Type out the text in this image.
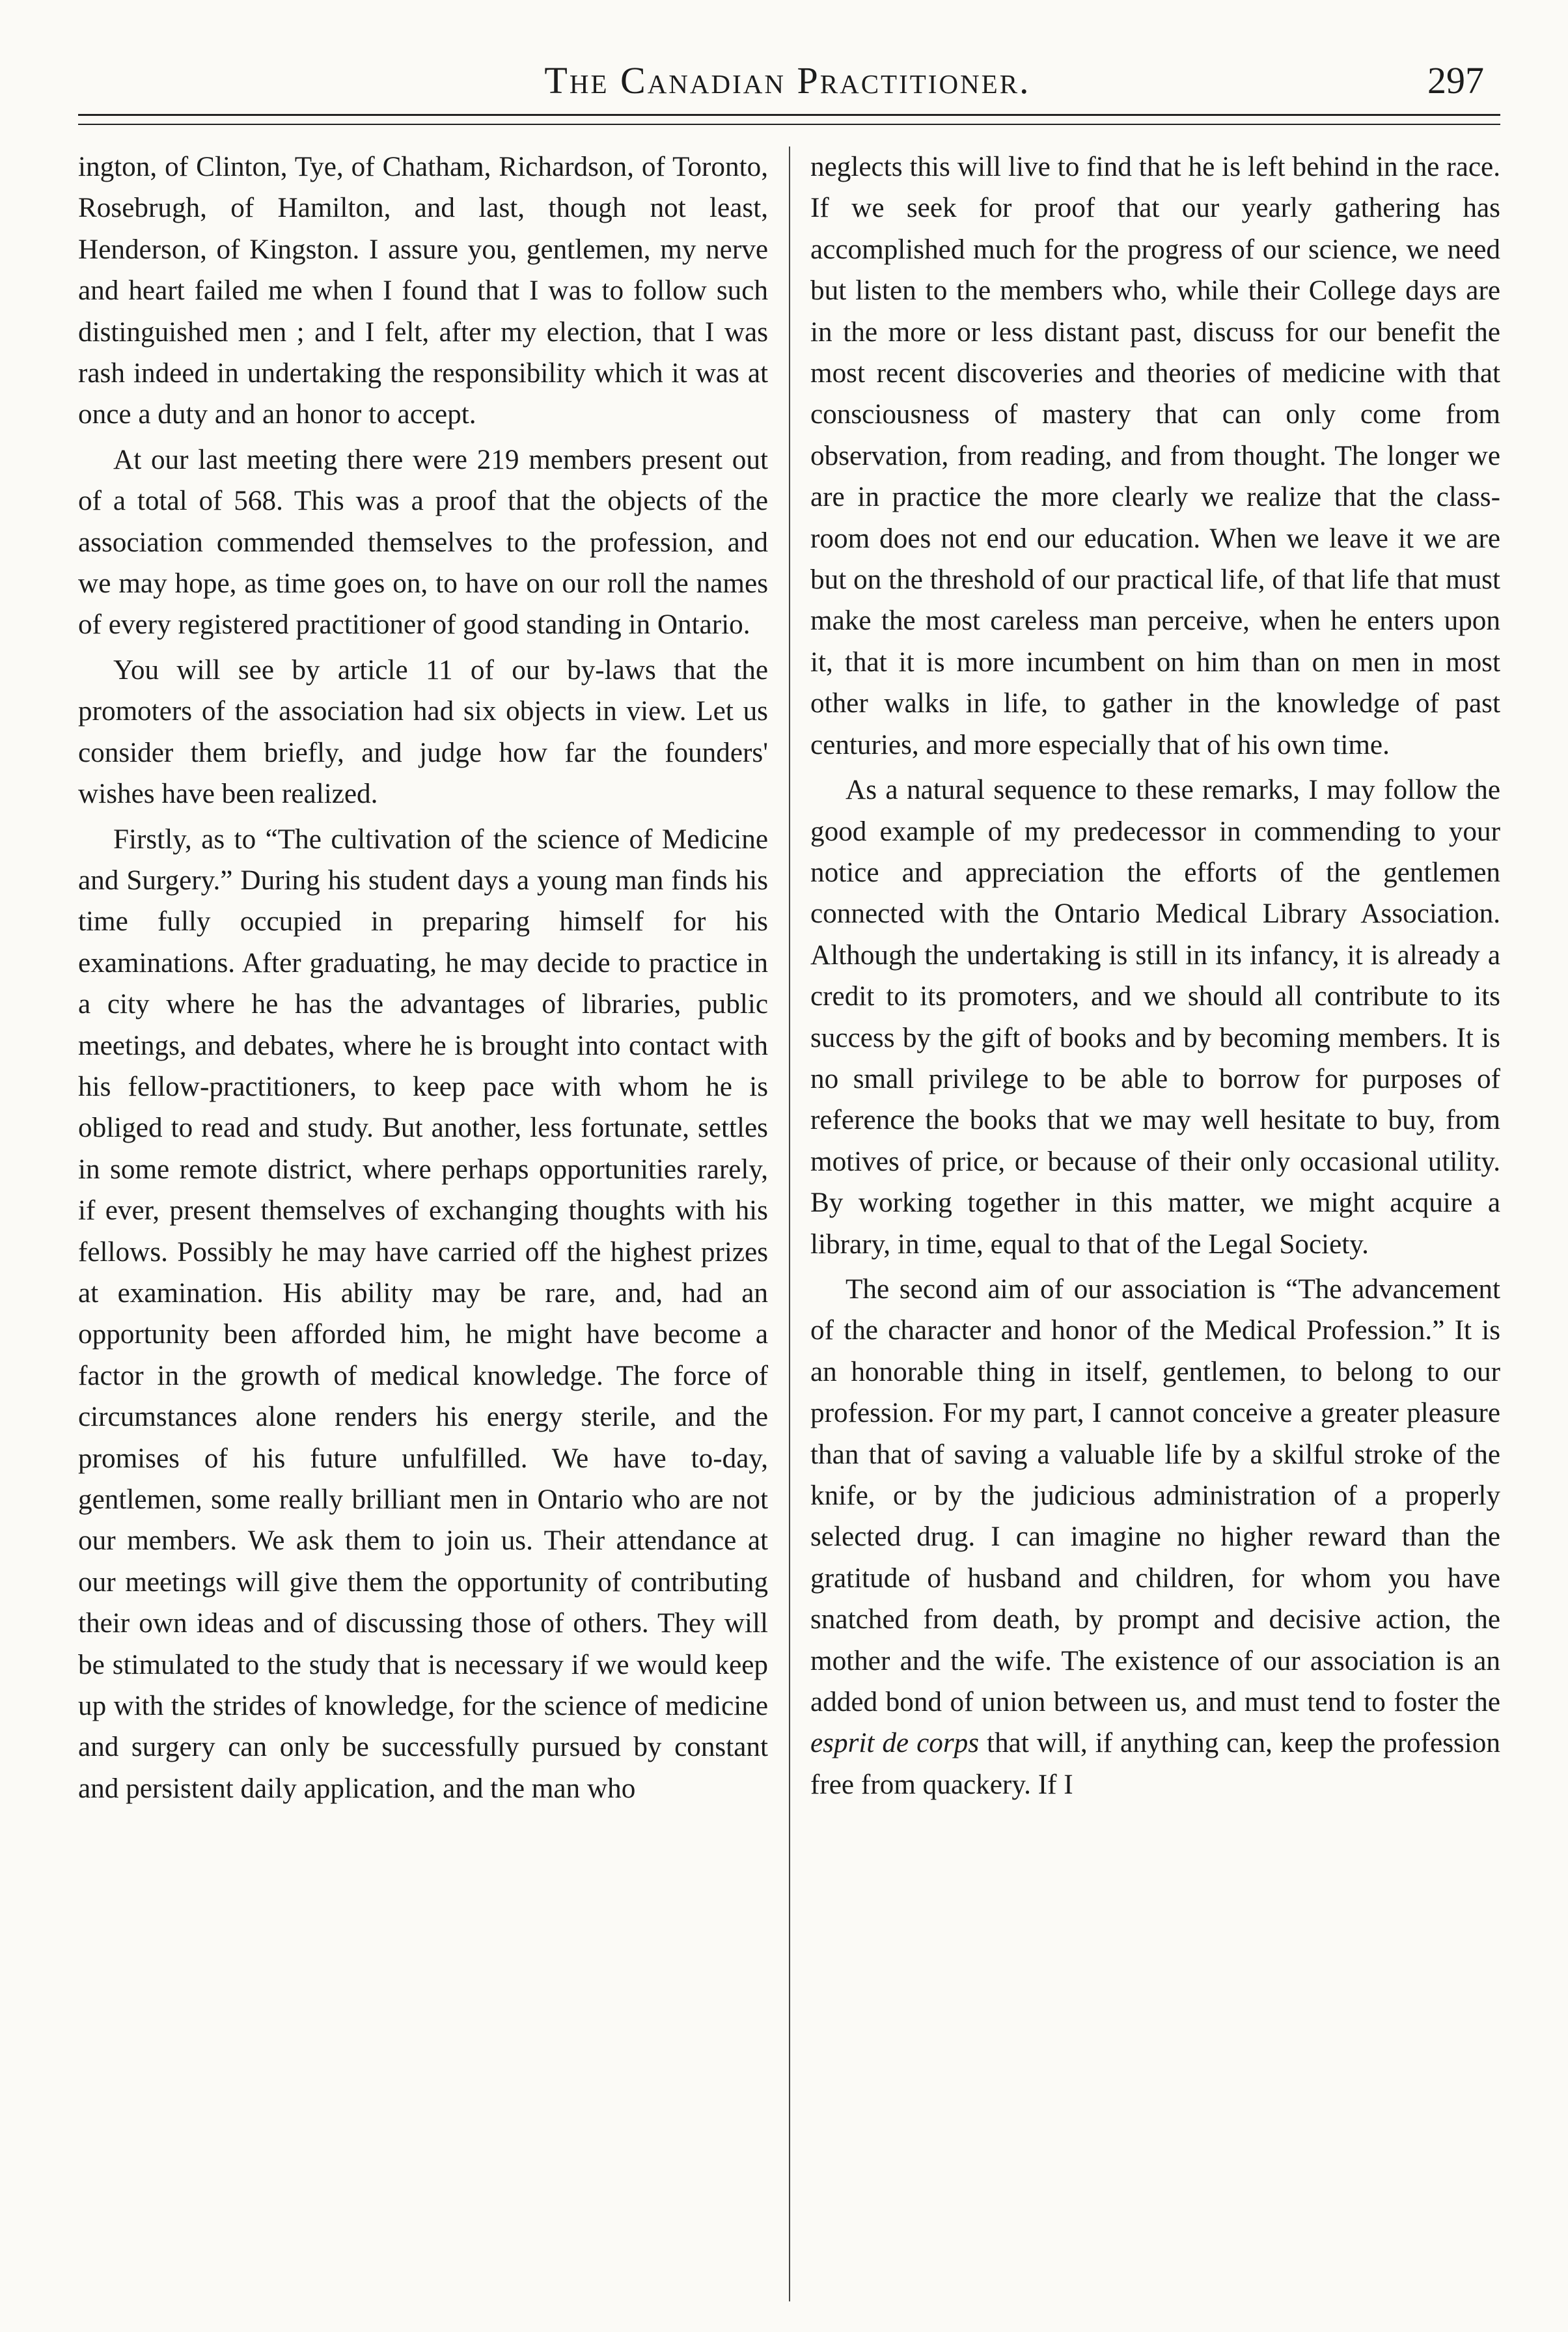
The Canadian Practitioner.	297

ington, of Clinton, Tye, of Chatham, Richardson, of Toronto, Rosebrugh, of Hamilton, and last, though not least, Henderson, of Kingston. I assure you, gentlemen, my nerve and heart failed me when I found that I was to follow such distinguished men ; and I felt, after my election, that I was rash indeed in undertaking the responsibility which it was at once a duty and an honor to accept.

At our last meeting there were 219 members present out of a total of 568. This was a proof that the objects of the association commended themselves to the profession, and we may hope, as time goes on, to have on our roll the names of every registered practitioner of good standing in Ontario.

You will see by article 11 of our by-laws that the promoters of the association had six objects in view. Let us consider them briefly, and judge how far the founders' wishes have been realized.

Firstly, as to “The cultivation of the science of Medicine and Surgery.” During his student days a young man finds his time fully occupied in preparing himself for his examinations. After graduating, he may decide to practice in a city where he has the advantages of libraries, public meetings, and debates, where he is brought into contact with his fellow-practitioners, to keep pace with whom he is obliged to read and study. But another, less fortunate, settles in some remote district, where perhaps opportunities rarely, if ever, present themselves of exchanging thoughts with his fellows. Possibly he may have carried off the highest prizes at examination. His ability may be rare, and, had an opportunity been afforded him, he might have become a factor in the growth of medical knowledge. The force of circumstances alone renders his energy sterile, and the promises of his future unfulfilled. We have to-day, gentlemen, some really brilliant men in Ontario who are not our members. We ask them to join us. Their attendance at our meetings will give them the opportunity of contributing their own ideas and of discussing those of others. They will be stimulated to the study that is necessary if we would keep up with the strides of knowledge, for the science of medicine and surgery can only be successfully pursued by constant and persistent daily application, and the man who

neglects this will live to find that he is left behind in the race. If we seek for proof that our yearly gathering has accomplished much for the progress of our science, we need but listen to the members who, while their College days are in the more or less distant past, discuss for our benefit the most recent discoveries and theories of medicine with that consciousness of mastery that can only come from observation, from reading, and from thought. The longer we are in practice the more clearly we realize that the class-room does not end our education. When we leave it we are but on the threshold of our practical life, of that life that must make the most careless man perceive, when he enters upon it, that it is more incumbent on him than on men in most other walks in life, to gather in the knowledge of past centuries, and more especially that of his own time.

As a natural sequence to these remarks, I may follow the good example of my predecessor in commending to your notice and appreciation the efforts of the gentlemen connected with the Ontario Medical Library Association. Although the undertaking is still in its infancy, it is already a credit to its promoters, and we should all contribute to its success by the gift of books and by becoming members. It is no small privilege to be able to borrow for purposes of reference the books that we may well hesitate to buy, from motives of price, or because of their only occasional utility. By working together in this matter, we might acquire a library, in time, equal to that of the Legal Society.

The second aim of our association is “The advancement of the character and honor of the Medical Profession.” It is an honorable thing in itself, gentlemen, to belong to our profession. For my part, I cannot conceive a greater pleasure than that of saving a valuable life by a skilful stroke of the knife, or by the judicious administration of a properly selected drug. I can imagine no higher reward than the gratitude of husband and children, for whom you have snatched from death, by prompt and decisive action, the mother and the wife. The existence of our association is an added bond of union between us, and must tend to foster the esprit de corps that will, if anything can, keep the profession free from quackery. If I
